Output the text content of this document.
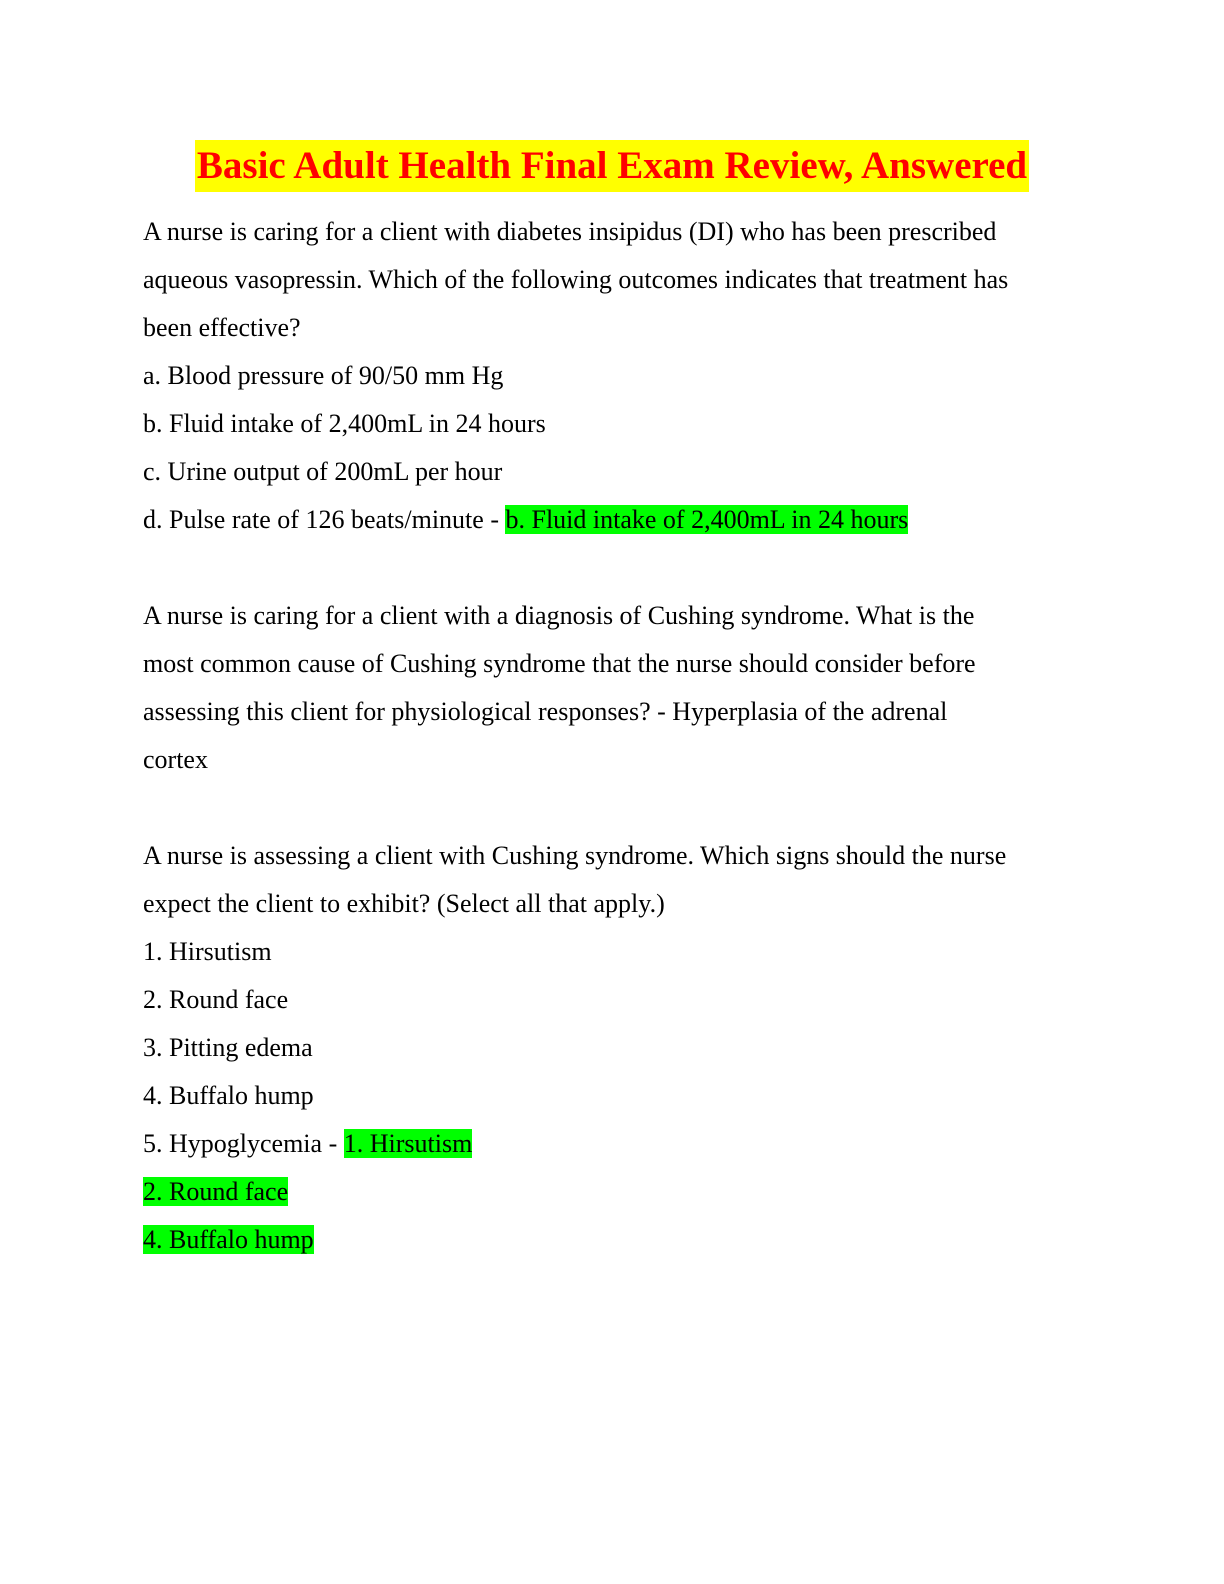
Basic Adult Health Final Exam Review, Answered
A nurse is caring for a client with diabetes insipidus (DI) who has been prescribed
aqueous vasopressin. Which of the following outcomes indicates that treatment has
been effective?
a. Blood pressure of 90/50 mm Hg
b. Fluid intake of 2,400mL in 24 hours
c. Urine output of 200mL per hour
d. Pulse rate of 126 beats/minute - b. Fluid intake of 2,400mL in 24 hours
A nurse is caring for a client with a diagnosis of Cushing syndrome. What is the
most common cause of Cushing syndrome that the nurse should consider before
assessing this client for physiological responses? - Hyperplasia of the adrenal
cortex
A nurse is assessing a client with Cushing syndrome. Which signs should the nurse
expect the client to exhibit? (Select all that apply.)
1. Hirsutism
2. Round face
3. Pitting edema
4. Buffalo hump
5. Hypoglycemia - 1. Hirsutism
2. Round face
4. Buffalo hump
